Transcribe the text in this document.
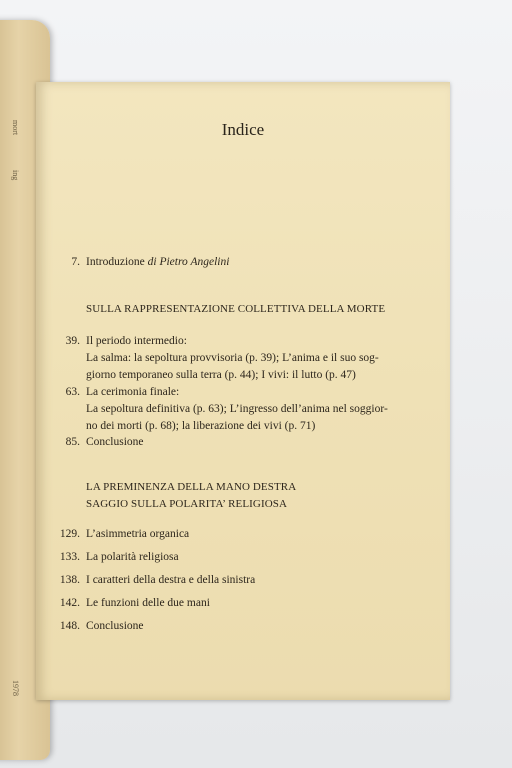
mort
ing
1978
Indice
7. Introduzione di Pietro Angelini
SULLA RAPPRESENTAZIONE COLLETTIVA DELLA MORTE
39. Il periodo intermedio:
La salma: la sepoltura provvisoria (p. 39); L’anima e il suo sog-
giorno temporaneo sulla terra (p. 44); I vivi: il lutto (p. 47)
63. La cerimonia finale:
La sepoltura definitiva (p. 63); L’ingresso dell’anima nel soggior-
no dei morti (p. 68); la liberazione dei vivi (p. 71)
85. Conclusione
LA PREMINENZA DELLA MANO DESTRA
SAGGIO SULLA POLARITA’ RELIGIOSA
129. L’asimmetria organica
133. La polarità religiosa
138. I caratteri della destra e della sinistra
142. Le funzioni delle due mani
148. Conclusione
